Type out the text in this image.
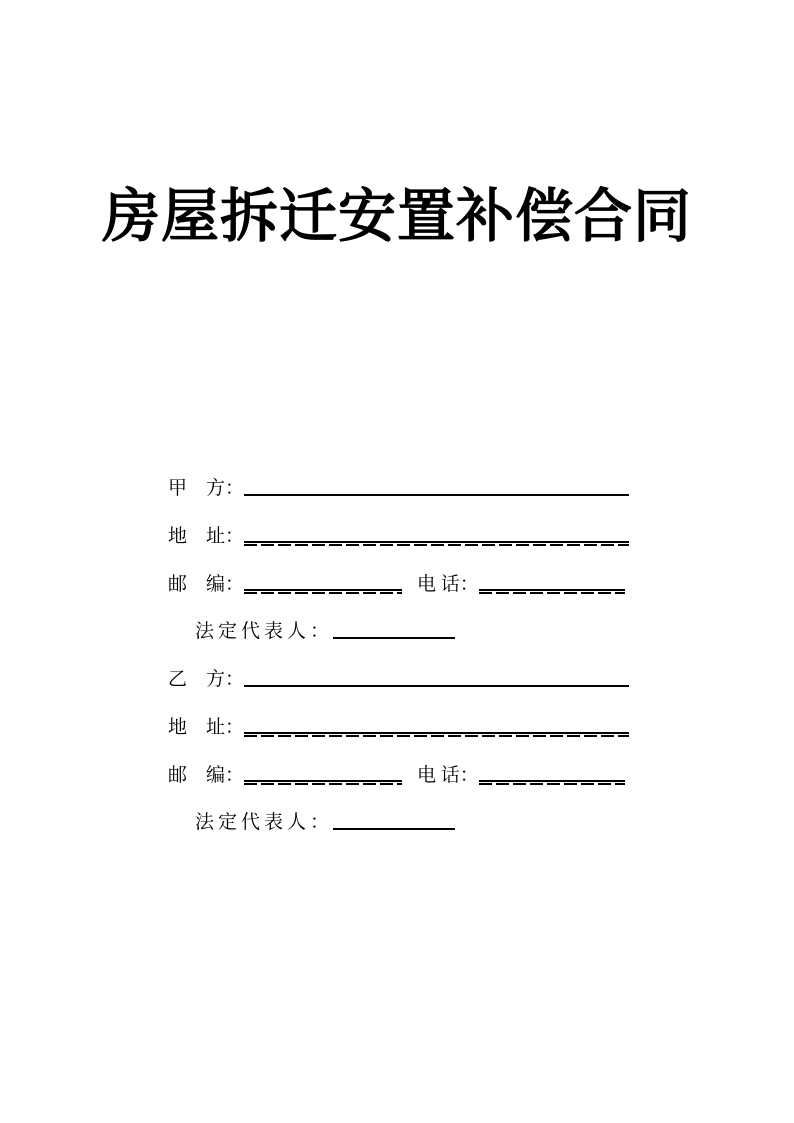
房屋拆迁安置补偿合同
甲　方：
地　址：
邮　编：	电 话：
法定代表人：
乙　方：
地　址：
邮　编：	电 话：
法定代表人：
